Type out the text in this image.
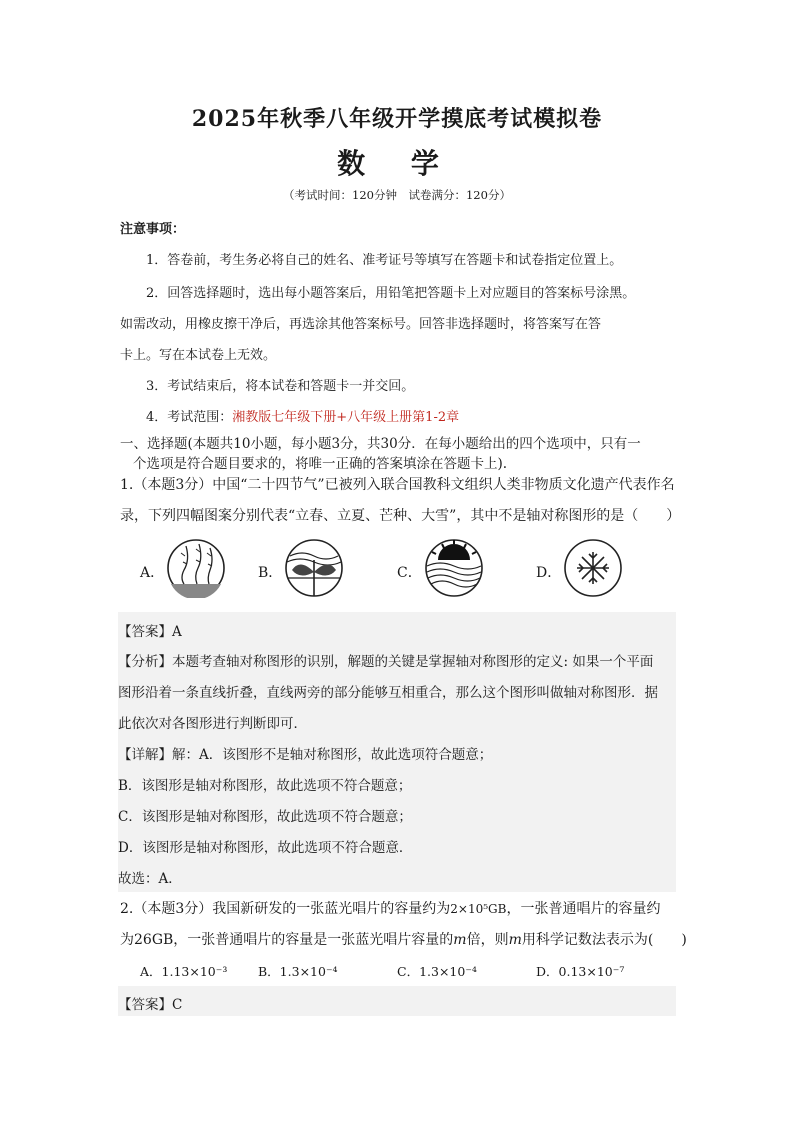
2025年秋季八年级开学摸底考试模拟卷
数 学
（考试时间：120分钟　试卷满分：120分）
注意事项：
1．答卷前，考生务必将自己的姓名、准考证号等填写在答题卡和试卷指定位置上。
2．回答选择题时，选出每小题答案后，用铅笔把答题卡上对应题目的答案标号涂黑。
如需改动，用橡皮擦干净后，再选涂其他答案标号。回答非选择题时，将答案写在答
卡上。写在本试卷上无效。
3．考试结束后，将本试卷和答题卡一并交回。
4．考试范围：湘教版七年级下册+八年级上册第1-2章
一、选择题(本题共10小题，每小题3分，共30分．在每小题给出的四个选项中，只有一
个选项是符合题目要求的，将唯一正确的答案填涂在答题卡上).
1.（本题3分）中国“二十四节气”已被列入联合国教科文组织人类非物质文化遗产代表作名
录，下列四幅图案分别代表“立春、立夏、芒种、大雪”，其中不是轴对称图形的是（　　）
A．	B．	C．	D．
【答案】A
【分析】本题考查轴对称图形的识别，解题的关键是掌握轴对称图形的定义: 如果一个平面
图形沿着一条直线折叠，直线两旁的部分能够互相重合，那么这个图形叫做轴对称图形．据
此依次对各图形进行判断即可．
【详解】解：A．该图形不是轴对称图形，故此选项符合题意；
B．该图形是轴对称图形，故此选项不符合题意；
C．该图形是轴对称图形，故此选项不符合题意；
D．该图形是轴对称图形，故此选项不符合题意．
故选：A．
2.（本题3分）我国新研发的一张蓝光唱片的容量约为2×10⁵GB，一张普通唱片的容量约
为26GB，一张普通唱片的容量是一张蓝光唱片容量的m倍，则m用科学记数法表示为(　　)
A．1.13×10⁻³ B．1.3×10⁻⁴	C．1.3×10⁻⁴	D．0.13×10⁻⁷
【答案】C
